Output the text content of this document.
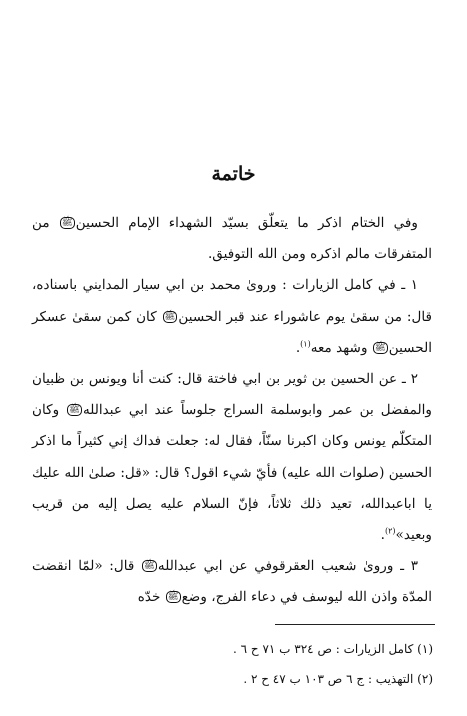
خاتمة

وفي الختام اذكر ما يتعلّق بسيّد الشهداء الإمام الحسينﷺ من المتفرقات مالم اذكره ومن الله التوفيق.

١ ـ في كامل الزيارات : وروىٰ محمد بن ابي سيار المدايني باسناده، قال: من سقىٰ يوم عاشوراء عند قبر الحسينﷺ كان كمن سقىٰ عسكر الحسينﷺ وشهد معه$^{(١)}$.

٢ ـ عن الحسين بن ثوير بن ابي فاختة قال: كنت أنا ويونس بن ظبيان والمفضل بن عمر وابوسلمة السراج جلوساً عند ابي عبداللهﷺ وكان المتكلّم يونس وكان اكبرنا سنّاً، فقال له: جعلت فداك إني كثيراً ما اذكر الحسين (صلوات الله عليه) فأيّ شيء اقول؟ قال: «قل: صلىٰ الله عليك يا اباعبدالله، تعيد ذلك ثلاثاً، فإنّ السلام عليه يصل إليه من قريب وبعيد»$^{(٢)}$.

٣ ـ وروىٰ شعيب العقرقوفي عن ابي عبداللهﷺ قال: «لمّا انقضت المدّة واذن الله ليوسف في دعاء الفرج، وضعﷺ خدّه

(١) كامل الزيارات : ص ٣٢٤ ب ٧١ ح ٦ .
(٢) التهذيب : ج ٦ ص ١٠٣ ب ٤٧ ح ٢ .
